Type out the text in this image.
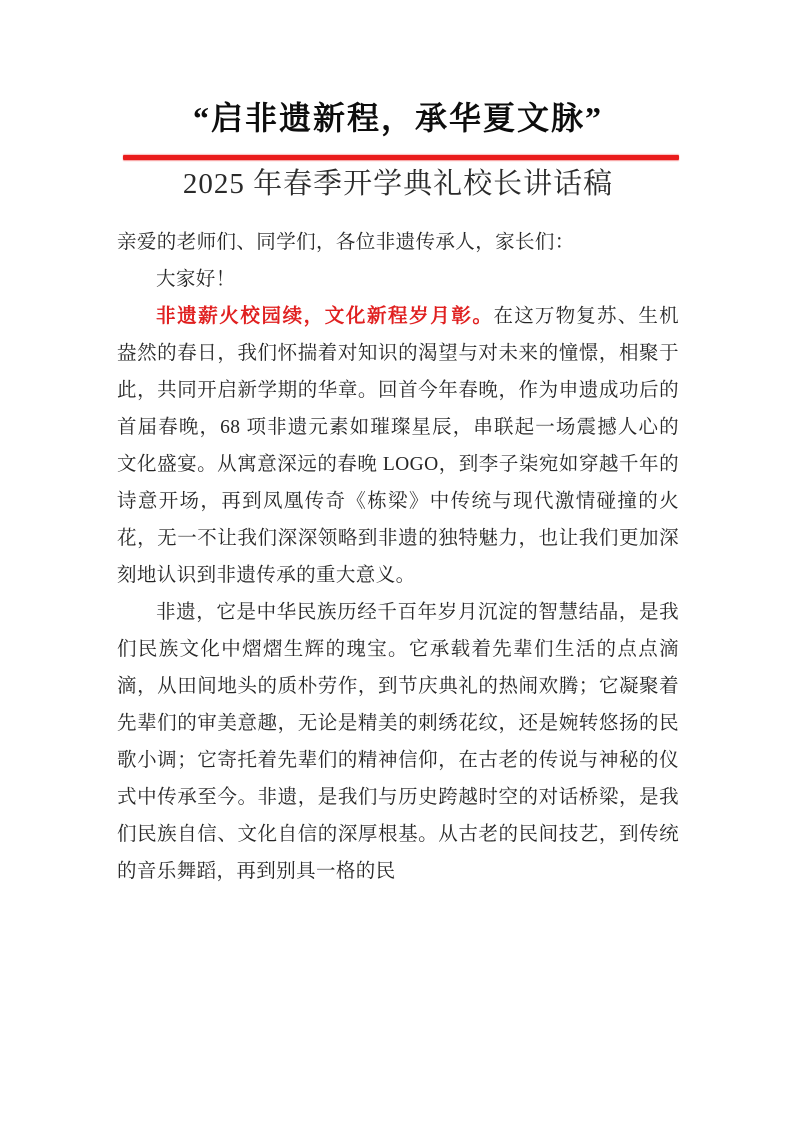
“启非遗新程，承华夏文脉”
2025 年春季开学典礼校长讲话稿

亲爱的老师们、同学们，各位非遗传承人，家长们：

大家好！

非遗薪火校园续，文化新程岁月彰。在这万物复苏、生机盎然的春日，我们怀揣着对知识的渴望与对未来的憧憬，相聚于此，共同开启新学期的华章。回首今年春晚，作为申遗成功后的首届春晚，68 项非遗元素如璀璨星辰，串联起一场震撼人心的文化盛宴。从寓意深远的春晚 LOGO，到李子柒宛如穿越千年的诗意开场，再到凤凰传奇《栋梁》中传统与现代激情碰撞的火花，无一不让我们深深领略到非遗的独特魅力，也让我们更加深刻地认识到非遗传承的重大意义。

非遗，它是中华民族历经千百年岁月沉淀的智慧结晶，是我们民族文化中熠熠生辉的瑰宝。它承载着先辈们生活的点点滴滴，从田间地头的质朴劳作，到节庆典礼的热闹欢腾；它凝聚着先辈们的审美意趣，无论是精美的刺绣花纹，还是婉转悠扬的民歌小调；它寄托着先辈们的精神信仰，在古老的传说与神秘的仪式中传承至今。非遗，是我们与历史跨越时空的对话桥梁，是我们民族自信、文化自信的深厚根基。从古老的民间技艺，到传统的音乐舞蹈，再到别具一格的民
